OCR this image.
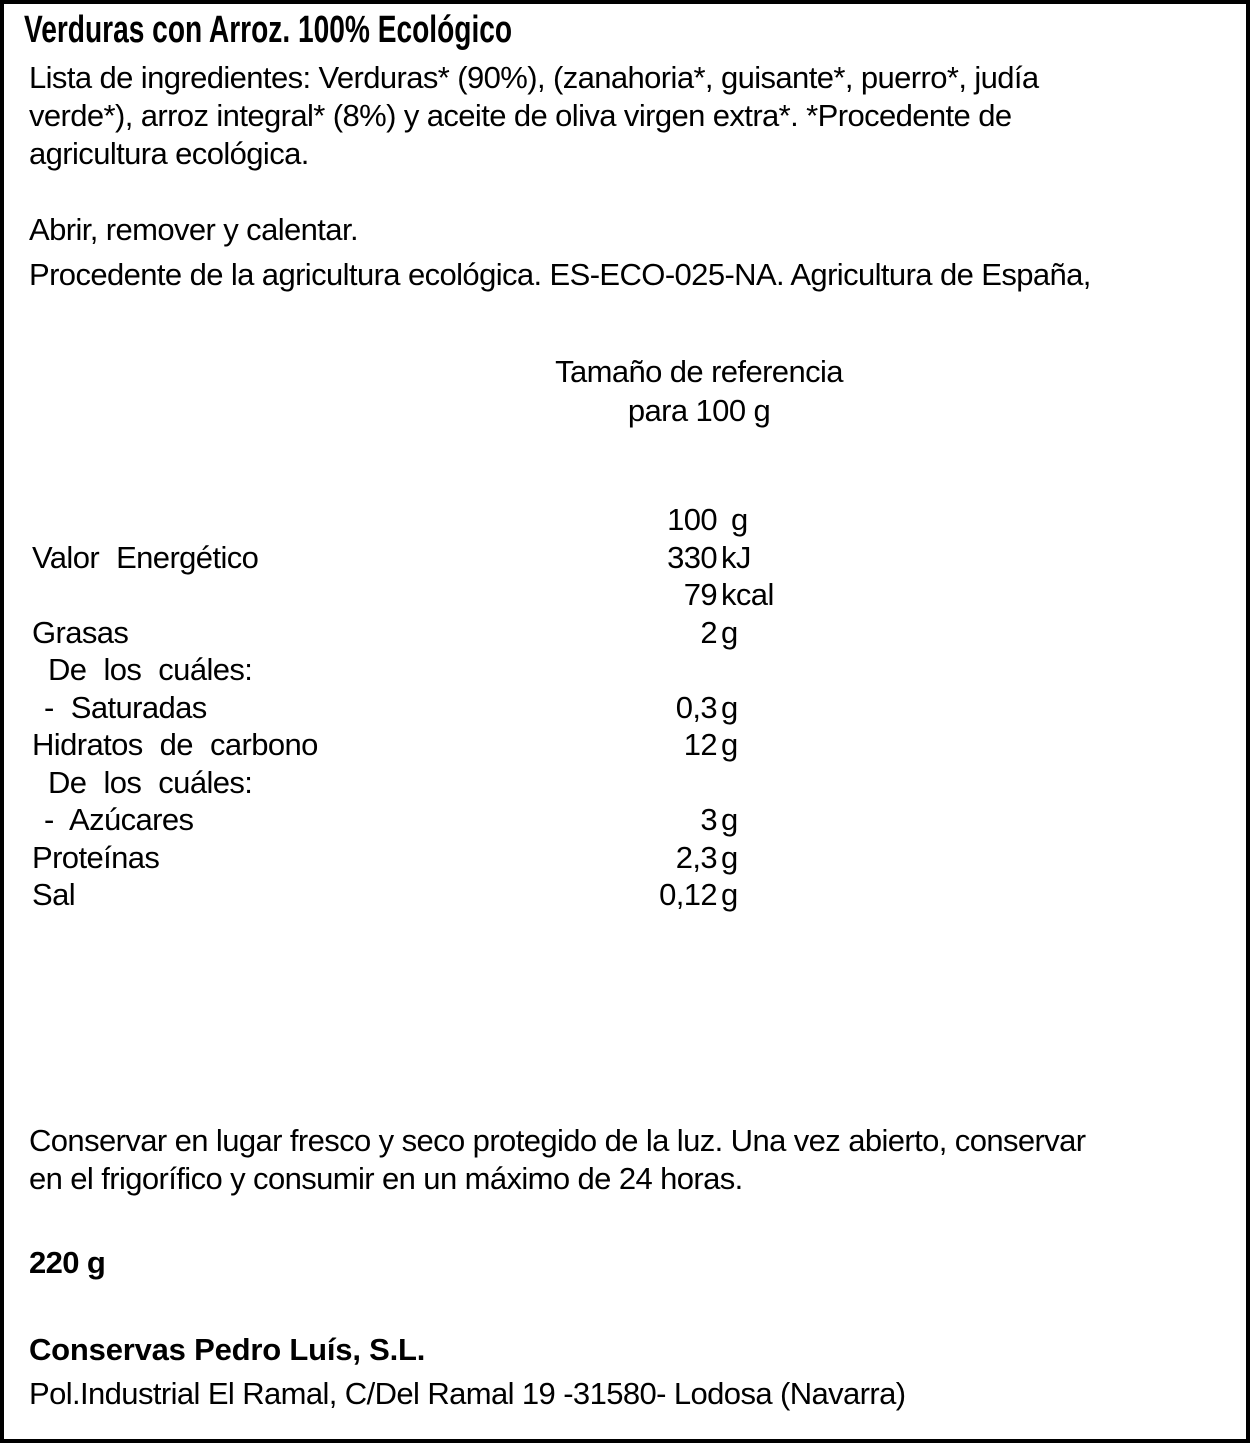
Verduras con Arroz. 100% Ecológico
Lista de ingredientes: Verduras* (90%), (zanahoria*, guisante*, puerro*, judía
verde*), arroz integral* (8%) y aceite de oliva virgen extra*. *Procedente de
agricultura ecológica.
Abrir, remover y calentar.
Procedente de la agricultura ecológica. ES-ECO-025-NA. Agricultura de España,
Tamaño de referencia
para 100 g
100 g
Valor Energético	330 kJ
79 kcal
Grasas	2 g
De los cuáles:
- Saturadas	0,3 g
Hidratos de carbono	12 g
De los cuáles:
- Azúcares	3 g
Proteínas	2,3 g
Sal	0,12 g
Conservar en lugar fresco y seco protegido de la luz. Una vez abierto, conservar
en el frigorífico y consumir en un máximo de 24 horas.
220 g
Conservas Pedro Luís, S.L.
Pol.Industrial El Ramal, C/Del Ramal 19 -31580- Lodosa (Navarra)
